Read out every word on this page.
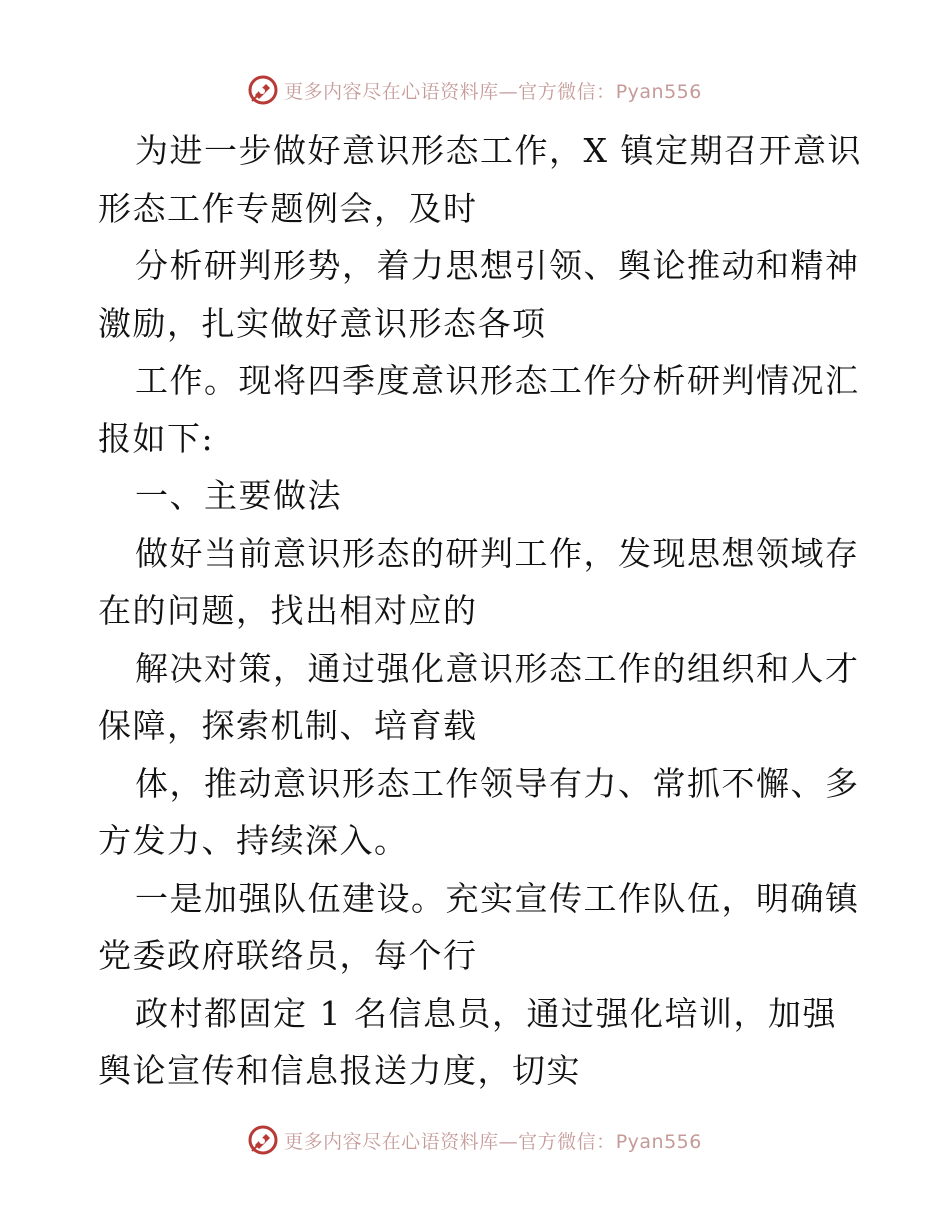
更多内容尽在心语资料库—官方微信：Pyan556

为进一步做好意识形态工作，X 镇定期召开意识
形态工作专题例会，及时

分析研判形势，着力思想引领、舆论推动和精神
激励，扎实做好意识形态各项

工作。现将四季度意识形态工作分析研判情况汇
报如下:

一、主要做法

做好当前意识形态的研判工作，发现思想领域存
在的问题，找出相对应的

解决对策，通过强化意识形态工作的组织和人才
保障，探索机制、培育载

体，推动意识形态工作领导有力、常抓不懈、多
方发力、持续深入。

一是加强队伍建设。充实宣传工作队伍，明确镇
党委政府联络员，每个行

政村都固定 1 名信息员，通过强化培训，加强
舆论宣传和信息报送力度，切实

更多内容尽在心语资料库—官方微信：Pyan556
